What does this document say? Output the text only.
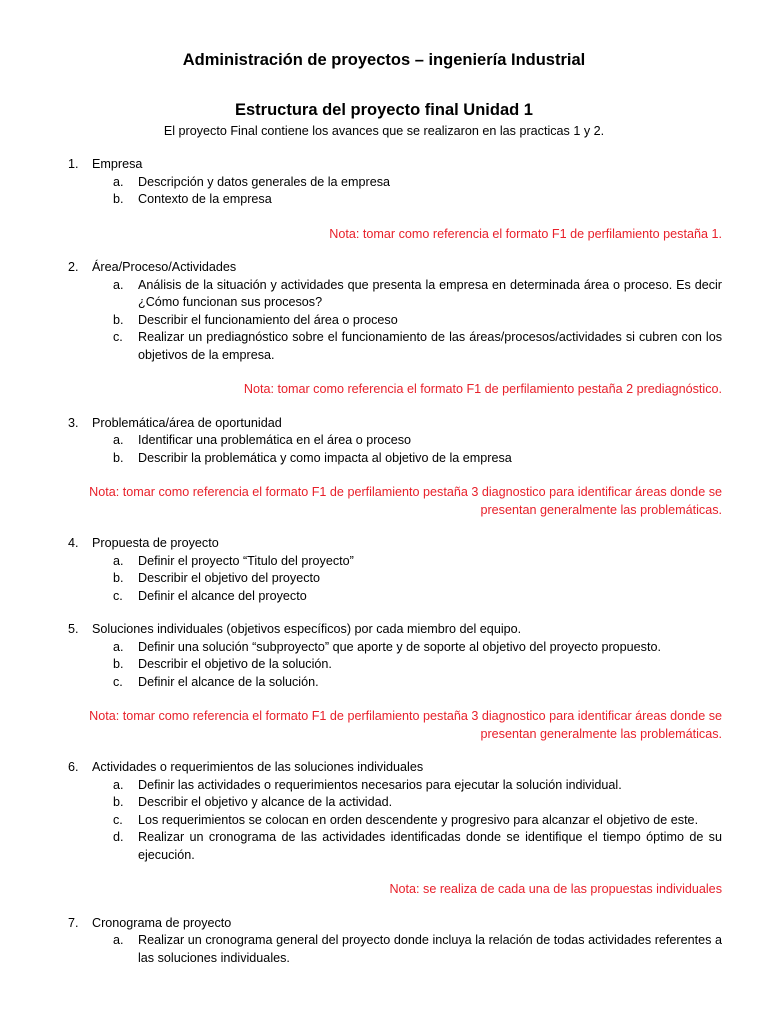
Administración de proyectos – ingeniería Industrial
Estructura del proyecto final Unidad 1

El proyecto Final contiene los avances que se realizaron en las practicas 1 y 2.

1.	Empresa
a.	Descripción y datos generales de la empresa
b.	Contexto de la empresa

Nota: tomar como referencia el formato F1 de perfilamiento pestaña 1.

2.	Área/Proceso/Actividades
a.	Análisis de la situación y actividades que presenta la empresa en determinada área o proceso. Es decir ¿Cómo funcionan sus procesos?
b.	Describir el funcionamiento del área o proceso
c.	Realizar un prediagnóstico sobre el funcionamiento de las áreas/procesos/actividades si cubren con los objetivos de la empresa.

Nota: tomar como referencia el formato F1 de perfilamiento pestaña 2 prediagnóstico.

3.	Problemática/área de oportunidad
a.	Identificar una problemática en el área o proceso
b.	Describir la problemática y como impacta al objetivo de la empresa

Nota: tomar como referencia el formato F1 de perfilamiento pestaña 3 diagnostico para identificar áreas donde se presentan generalmente las problemáticas.

4.	Propuesta de proyecto
a.	Definir el proyecto “Titulo del proyecto”
b.	Describir el objetivo del proyecto
c.	Definir el alcance del proyecto
5.	Soluciones individuales (objetivos específicos) por cada miembro del equipo.
a.	Definir una solución “subproyecto” que aporte y de soporte al objetivo del proyecto propuesto.
b.	Describir el objetivo de la solución.
c.	Definir el alcance de la solución.

Nota: tomar como referencia el formato F1 de perfilamiento pestaña 3 diagnostico para identificar áreas donde se presentan generalmente las problemáticas.

6.	Actividades o requerimientos de las soluciones individuales
a.	Definir las actividades o requerimientos necesarios para ejecutar la solución individual.
b.	Describir el objetivo y alcance de la actividad.
c.	Los requerimientos se colocan en orden descendente y progresivo para alcanzar el objetivo de este.
d.	Realizar un cronograma de las actividades identificadas donde se identifique el tiempo óptimo de su ejecución.

Nota: se realiza de cada una de las propuestas individuales

7.	Cronograma de proyecto
a.	Realizar un cronograma general del proyecto donde incluya la relación de todas actividades referentes a las soluciones individuales.
